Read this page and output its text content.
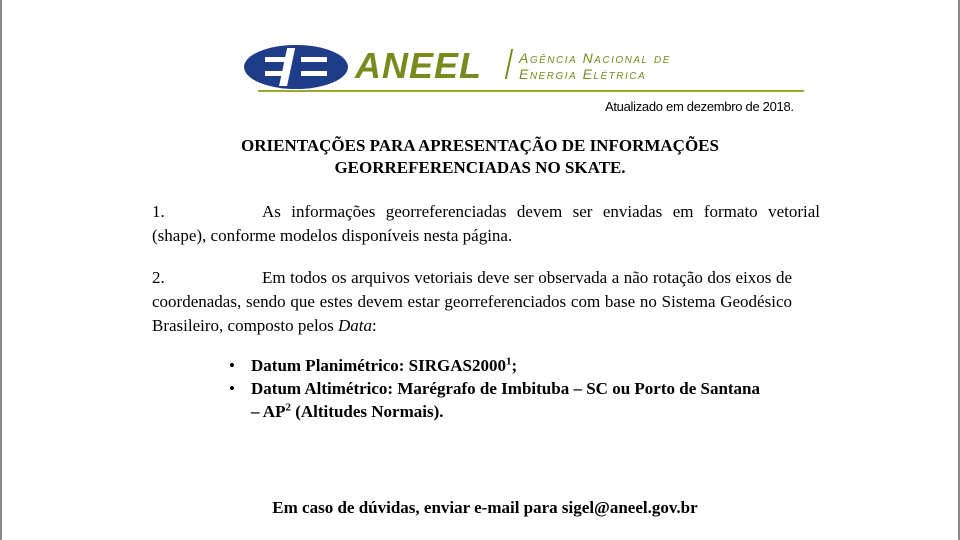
ANEEL	Agência Nacional de
Energia Elétrica
Atualizado em dezembro de 2018.
ORIENTAÇÕES PARA APRESENTAÇÃO DE INFORMAÇÕES
GEORREFERENCIADAS NO SKATE.
1.	As informações georreferenciadas devem ser enviadas em formato vetorial (shape), conforme modelos disponíveis nesta página.
2.	Em todos os arquivos vetoriais deve ser observada a não rotação dos eixos de coordenadas, sendo que estes devem estar georreferenciados com base no Sistema Geodésico Brasileiro, composto pelos Data:
• Datum Planimétrico: SIRGAS2000$^1$;
• Datum Altimétrico: Marégrafo de Imbituba – SC ou Porto de Santana
– $AP^2$ (Altitudes Normais).
Em caso de dúvidas, enviar e-mail para sigel@aneel.gov.br
